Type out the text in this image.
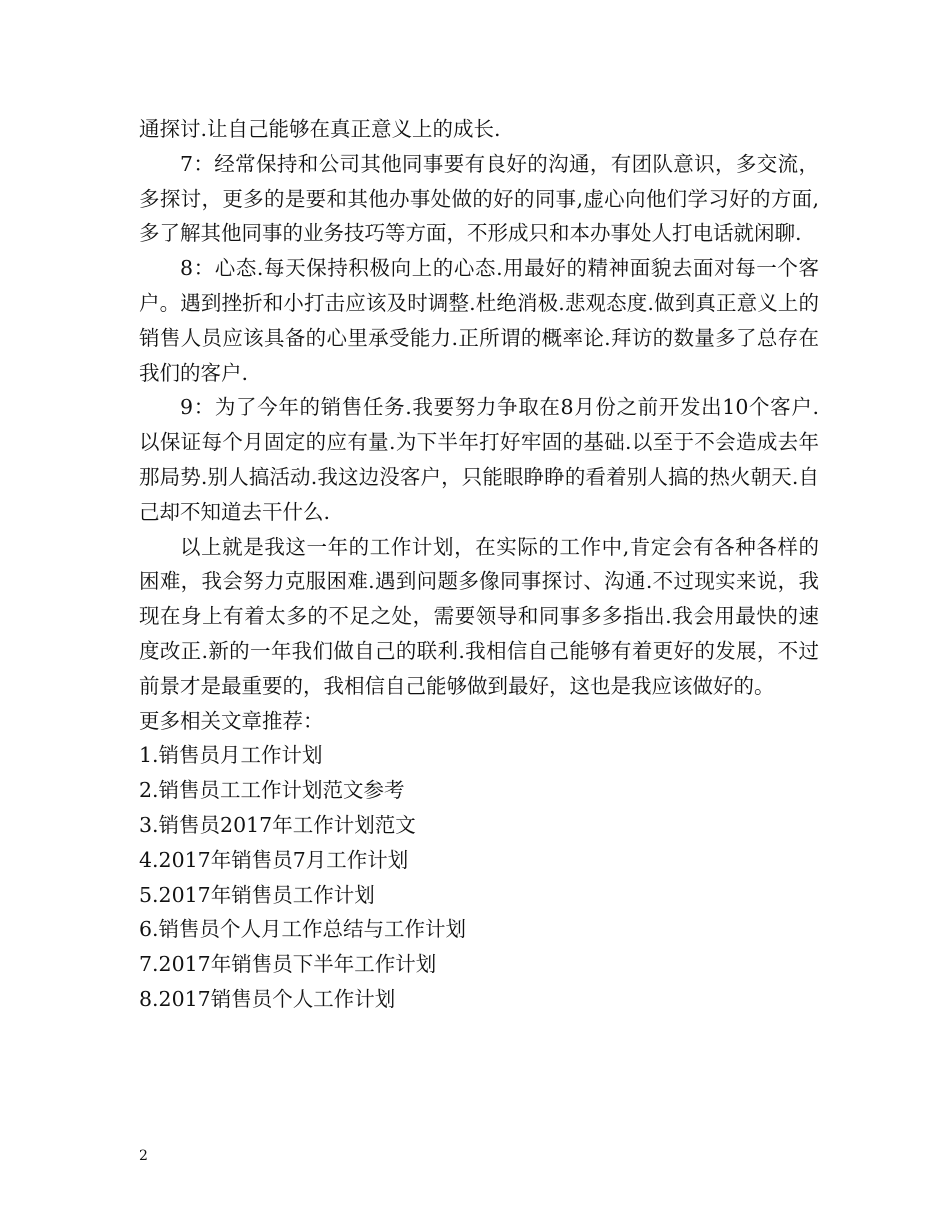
通探讨.让自己能够在真正意义上的成长.

7：经常保持和公司其他同事要有良好的沟通，有团队意识，多交流，多探讨，更多的是要和其他办事处做的好的同事,虚心向他们学习好的方面,多了解其他同事的业务技巧等方面，不形成只和本办事处人打电话就闲聊.

8：心态.每天保持积极向上的心态.用最好的精神面貌去面对每一个客户。遇到挫折和小打击应该及时调整.杜绝消极.悲观态度.做到真正意义上的销售人员应该具备的心里承受能力.正所谓的概率论.拜访的数量多了总存在我们的客户.

9：为了今年的销售任务.我要努力争取在8月份之前开发出10个客户.以保证每个月固定的应有量.为下半年打好牢固的基础.以至于不会造成去年那局势.别人搞活动.我这边没客户，只能眼睁睁的看着别人搞的热火朝天.自己却不知道去干什么.

以上就是我这一年的工作计划，在实际的工作中,肯定会有各种各样的困难，我会努力克服困难.遇到问题多像同事探讨、沟通.不过现实来说，我现在身上有着太多的不足之处，需要领导和同事多多指出.我会用最快的速度改正.新的一年我们做自己的联利.我相信自己能够有着更好的发展，不过前景才是最重要的，我相信自己能够做到最好，这也是我应该做好的。

更多相关文章推荐：

1.销售员月工作计划

2.销售员工工作计划范文参考

3.销售员2017年工作计划范文

4.2017年销售员7月工作计划

5.2017年销售员工作计划

6.销售员个人月工作总结与工作计划

7.2017年销售员下半年工作计划

8.2017销售员个人工作计划

2
